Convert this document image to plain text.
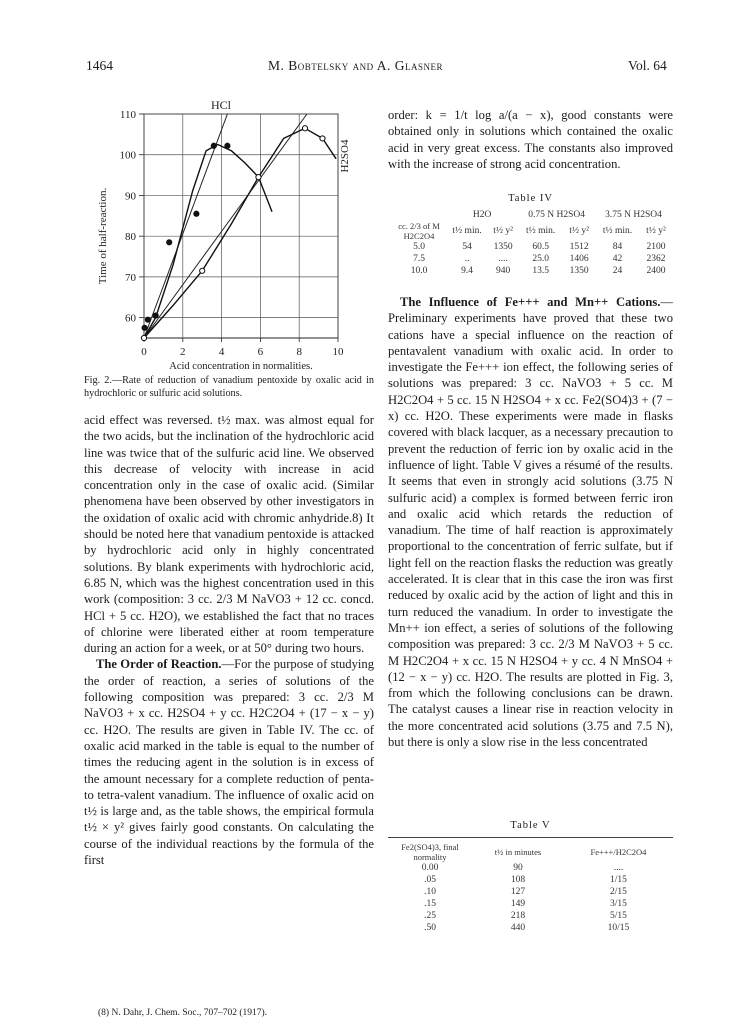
1464	M. Bobtelsky and A. Glasner	Vol. 64
60
70
80
90
100
110
0	2	4	6	8	10
HCl
H2SO4
Time of half-reaction.
Acid concentration in normalities.
Fig. 2.—Rate of reduction of vanadium pentoxide by oxalic acid in hydrochloric or sulfuric acid solutions.

acid effect was reversed. t½ max. was almost equal for the two acids, but the inclination of the hydrochloric acid line was twice that of the sulfuric acid line. We observed this decrease of velocity with increase in acid concentration only in the case of oxalic acid. (Similar phenomena have been observed by other investigators in the oxidation of oxalic acid with chromic anhydride.8) It should be noted here that vanadium pentoxide is attacked by hydrochloric acid only in highly concentrated solutions. By blank experiments with hydrochloric acid, 6.85 N, which was the highest concentration used in this work (composition: 3 cc. 2/3 M NaVO3 + 12 cc. concd. HCl + 5 cc. H2O), we established the fact that no traces of chlorine were liberated either at room temperature during an action for a week, or at 50° during two hours.

The Order of Reaction.—For the purpose of studying the order of reaction, a series of solutions of the following composition was prepared: 3 cc. 2/3 M NaVO3 + x cc. H2SO4 + y cc. H2C2O4 + (17 − x − y) cc. H2O. The results are given in Table IV. The cc. of oxalic acid marked in the table is equal to the number of times the reducing agent in the solution is in excess of the amount necessary for a complete reduction of penta- to tetra-valent vanadium. The influence of oxalic acid on t½ is large and, as the table shows, the empirical formula t½ × y² gives fairly good constants. On calculating the course of the individual reactions by the formula of the first

(8) N. Dahr, J. Chem. Soc., 707–702 (1917).

order: k = 1/t log a/(a − x), good constants were obtained only in solutions which contained the oxalic acid in very great excess. The constants also improved with the increase of strong acid concentration.

Table IV
	H2O		0.75 N H2SO4		3.75 N H2SO4	
cc. 2/3 of M H2C2O4	t½ min.	t½ y²	t½ min.	t½ y²	t½ min.	t½ y²
5.0	54	1350	60.5	1512	84	2100
7.5	..	....	25.0	1406	42	2362
10.0	9.4	940	13.5	1350	24	2400

The Influence of Fe+++ and Mn++ Cations.—Preliminary experiments have proved that these two cations have a special influence on the reaction of pentavalent vanadium with oxalic acid. In order to investigate the Fe+++ ion effect, the following series of solutions was prepared: 3 cc. NaVO3 + 5 cc. M H2C2O4 + 5 cc. 15 N H2SO4 + x cc. Fe2(SO4)3 + (7 − x) cc. H2O. These experiments were made in flasks covered with black lacquer, as a necessary precaution to prevent the reduction of ferric ion by oxalic acid in the influence of light. Table V gives a résumé of the results. It seems that even in strongly acid solutions (3.75 N sulfuric acid) a complex is formed between ferric iron and oxalic acid which retards the reduction of vanadium. The time of half reaction is approximately proportional to the concentration of ferric sulfate, but if light fell on the reaction flasks the reduction was greatly accelerated. It is clear that in this case the iron was first reduced by oxalic acid by the action of light and this in turn reduced the vanadium. In order to investigate the Mn++ ion effect, a series of solutions of the following composition was prepared: 3 cc. 2/3 M NaVO3 + 5 cc. M H2C2O4 + x cc. 15 N H2SO4 + y cc. 4 N MnSO4 + (12 − x − y) cc. H2O. The results are plotted in Fig. 3, from which the following conclusions can be drawn. The catalyst causes a linear rise in reaction velocity in the more concentrated acid solutions (3.75 and 7.5 N), but there is only a slow rise in the less concentrated

Table V
Fe2(SO4)3, final normality	t½ in minutes	Fe+++/H2C2O4
0.00	90	....
.05	108	1/15
.10	127	2/15
.15	149	3/15
.25	218	5/15
.50	440	10/15
